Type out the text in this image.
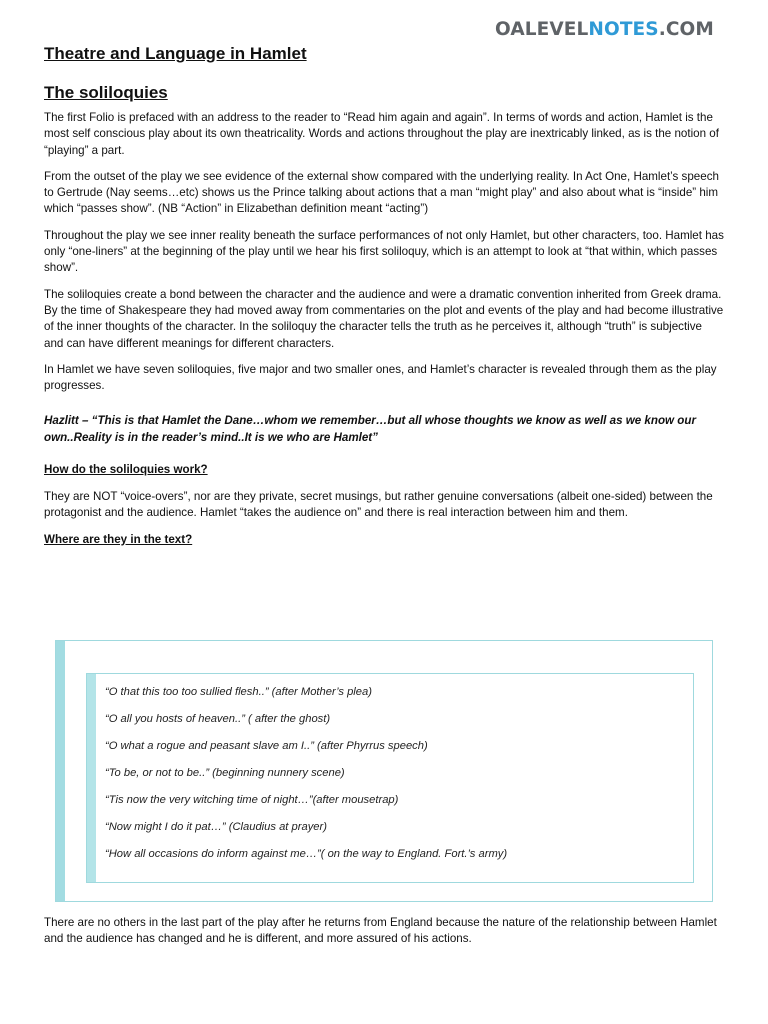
OALEVELNOTES.COM
Theatre and Language in Hamlet
The soliloquies

The first Folio is prefaced with an address to the reader to “Read him again and again”. In terms of words and action, Hamlet is the most self conscious play about its own theatricality. Words and actions throughout the play are inextricably linked, as is the notion of “playing” a part.

From the outset of the play we see evidence of the external show compared with the underlying reality. In Act One, Hamlet’s speech to Gertrude (Nay seems…etc) shows us the Prince talking about actions that a man “might play” and also about what is “inside” him which “passes show”. (NB “Action” in Elizabethan definition meant “acting”)

Throughout the play we see inner reality beneath the surface performances of not only Hamlet, but other characters, too. Hamlet has only “one-liners” at the beginning of the play until we hear his first soliloquy, which is an attempt to look at “that within, which passes show”.

The soliloquies create a bond between the character and the audience and were a dramatic convention inherited from Greek drama. By the time of Shakespeare they had moved away from commentaries on the plot and events of the play and had become illustrative of the inner thoughts of the character. In the soliloquy the character tells the truth as he perceives it, although “truth” is subjective and can have different meanings for different characters.

In Hamlet we have seven soliloquies, five major and two smaller ones, and Hamlet’s character is revealed through them as the play progresses.

Hazlitt – “This is that Hamlet the Dane…whom we remember…but all whose thoughts we know as well as we know our own..Reality is in the reader’s mind..It is we who are Hamlet”

How do the soliloquies work?

They are NOT “voice-overs”, nor are they private, secret musings, but rather genuine conversations (albeit one-sided) between the protagonist and the audience. Hamlet “takes the audience on” and there is real interaction between him and them.

Where are they in the text?
“O that this too too sullied flesh..” (after Mother’s plea)
“O all you hosts of heaven..” ( after the ghost)
“O what a rogue and peasant slave am I..” (after Phyrrus speech)
“To be, or not to be..” (beginning nunnery scene)
“Tis now the very witching time of night…”(after mousetrap)
“Now might I do it pat…” (Claudius at prayer)
“How all occasions do inform against me…”( on the way to England. Fort.’s army)

There are no others in the last part of the play after he returns from England because the nature of the relationship between Hamlet and the audience has changed and he is different, and more assured of his actions.
